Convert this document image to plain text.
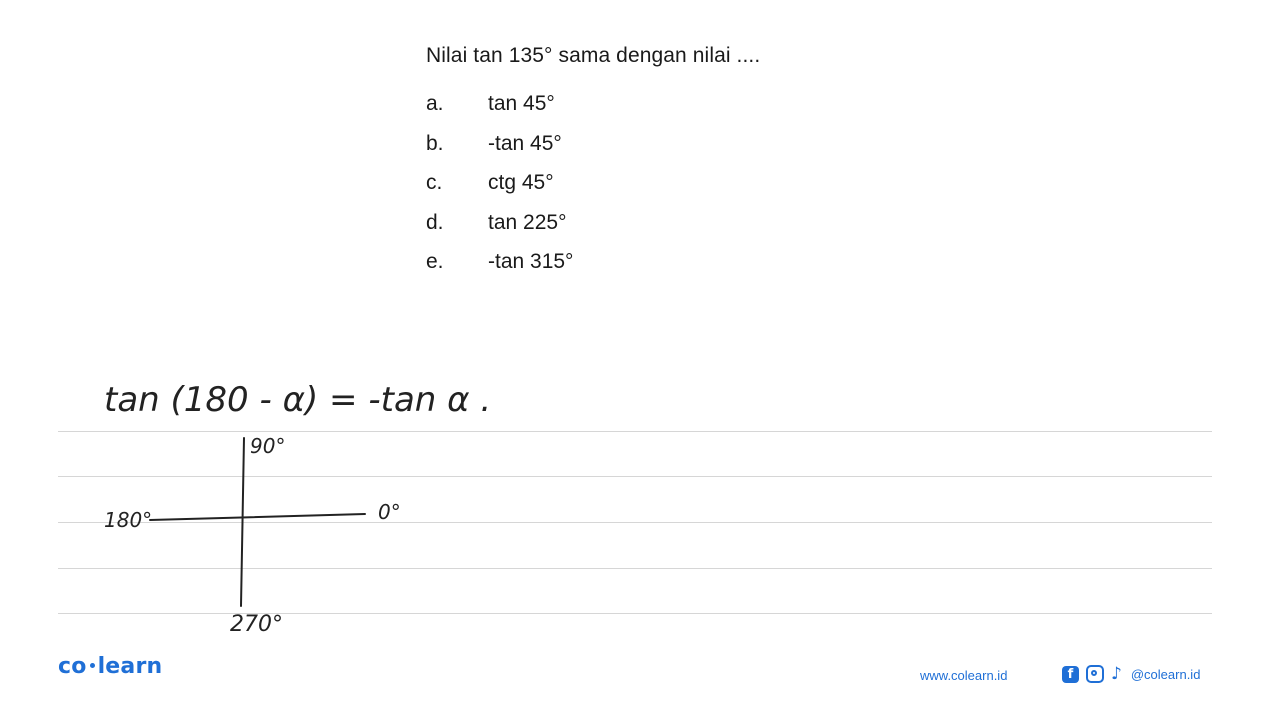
Nilai tan 135° sama dengan nilai ....
a.	tan 45°
b.	-tan 45°
c.	ctg 45°
d.	tan 225°
e.	-tan 315°
tan (180 - α) = -tan α .
90°
180°	0°
270°
co learn	www.colearn.id	f	♪ @colearn.id
